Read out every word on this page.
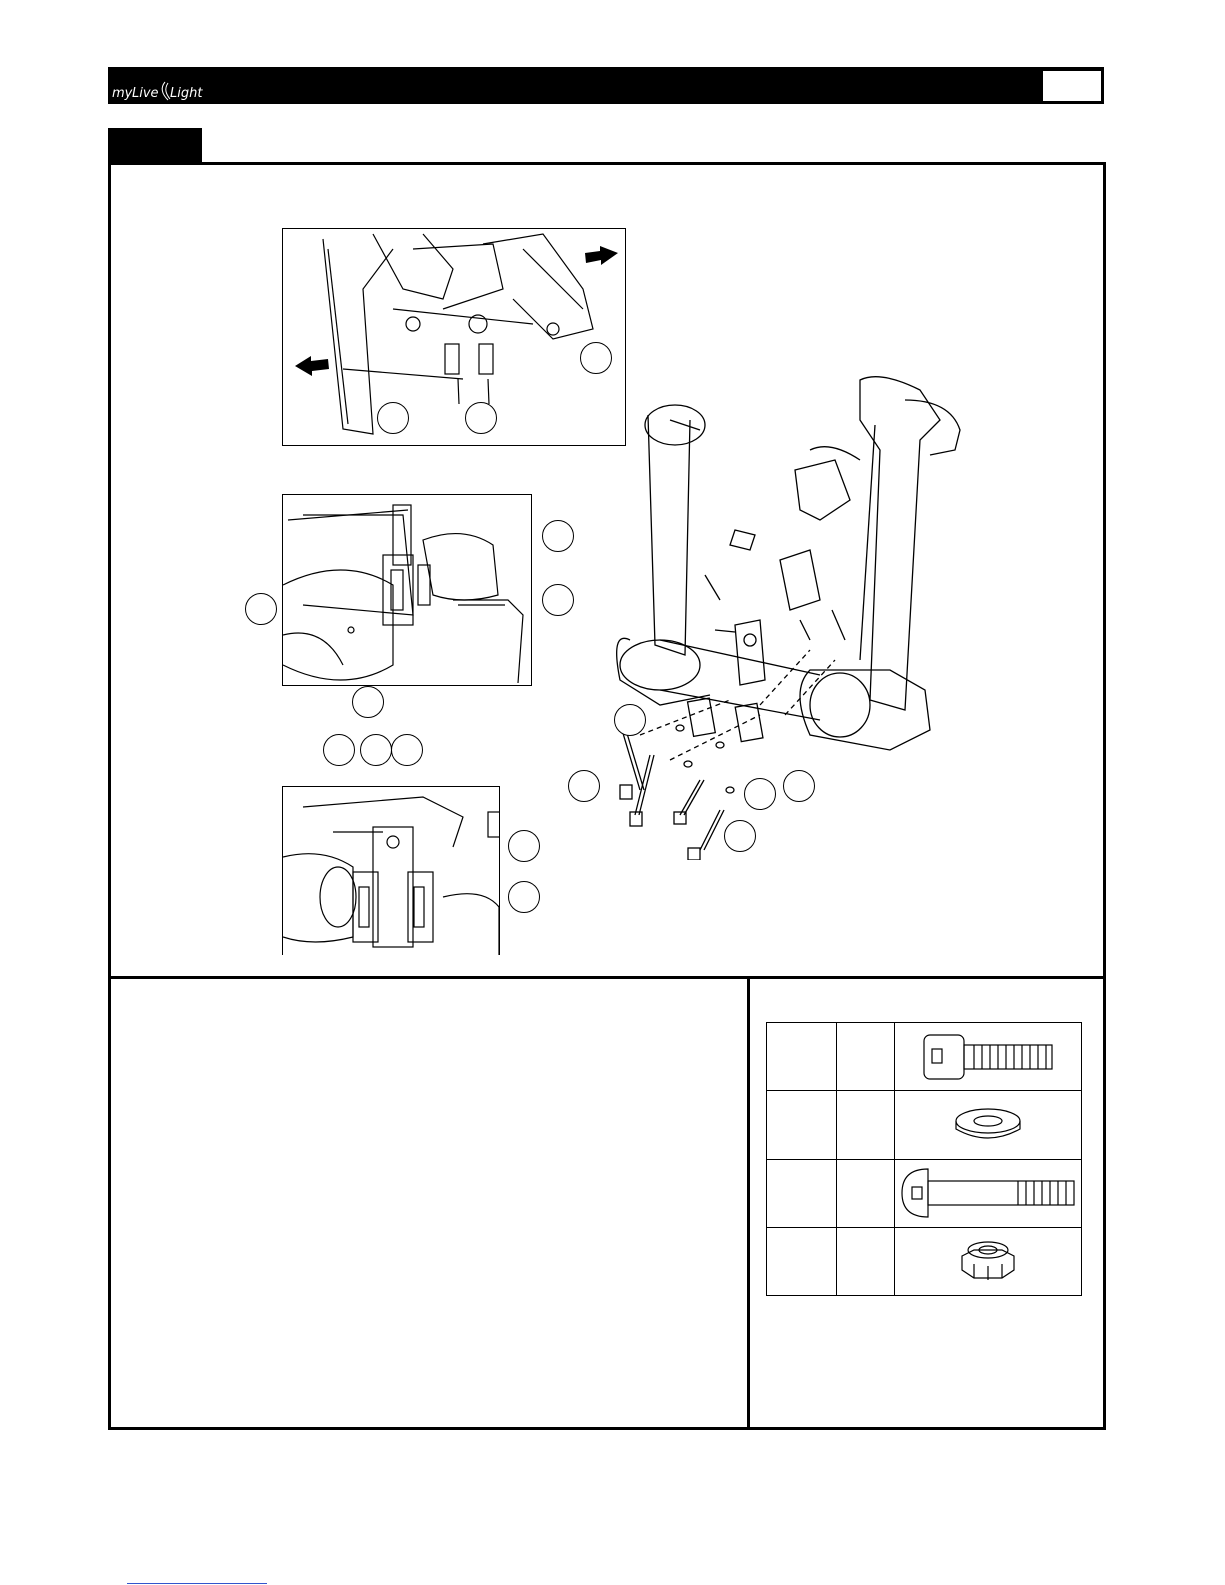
my Live Light
